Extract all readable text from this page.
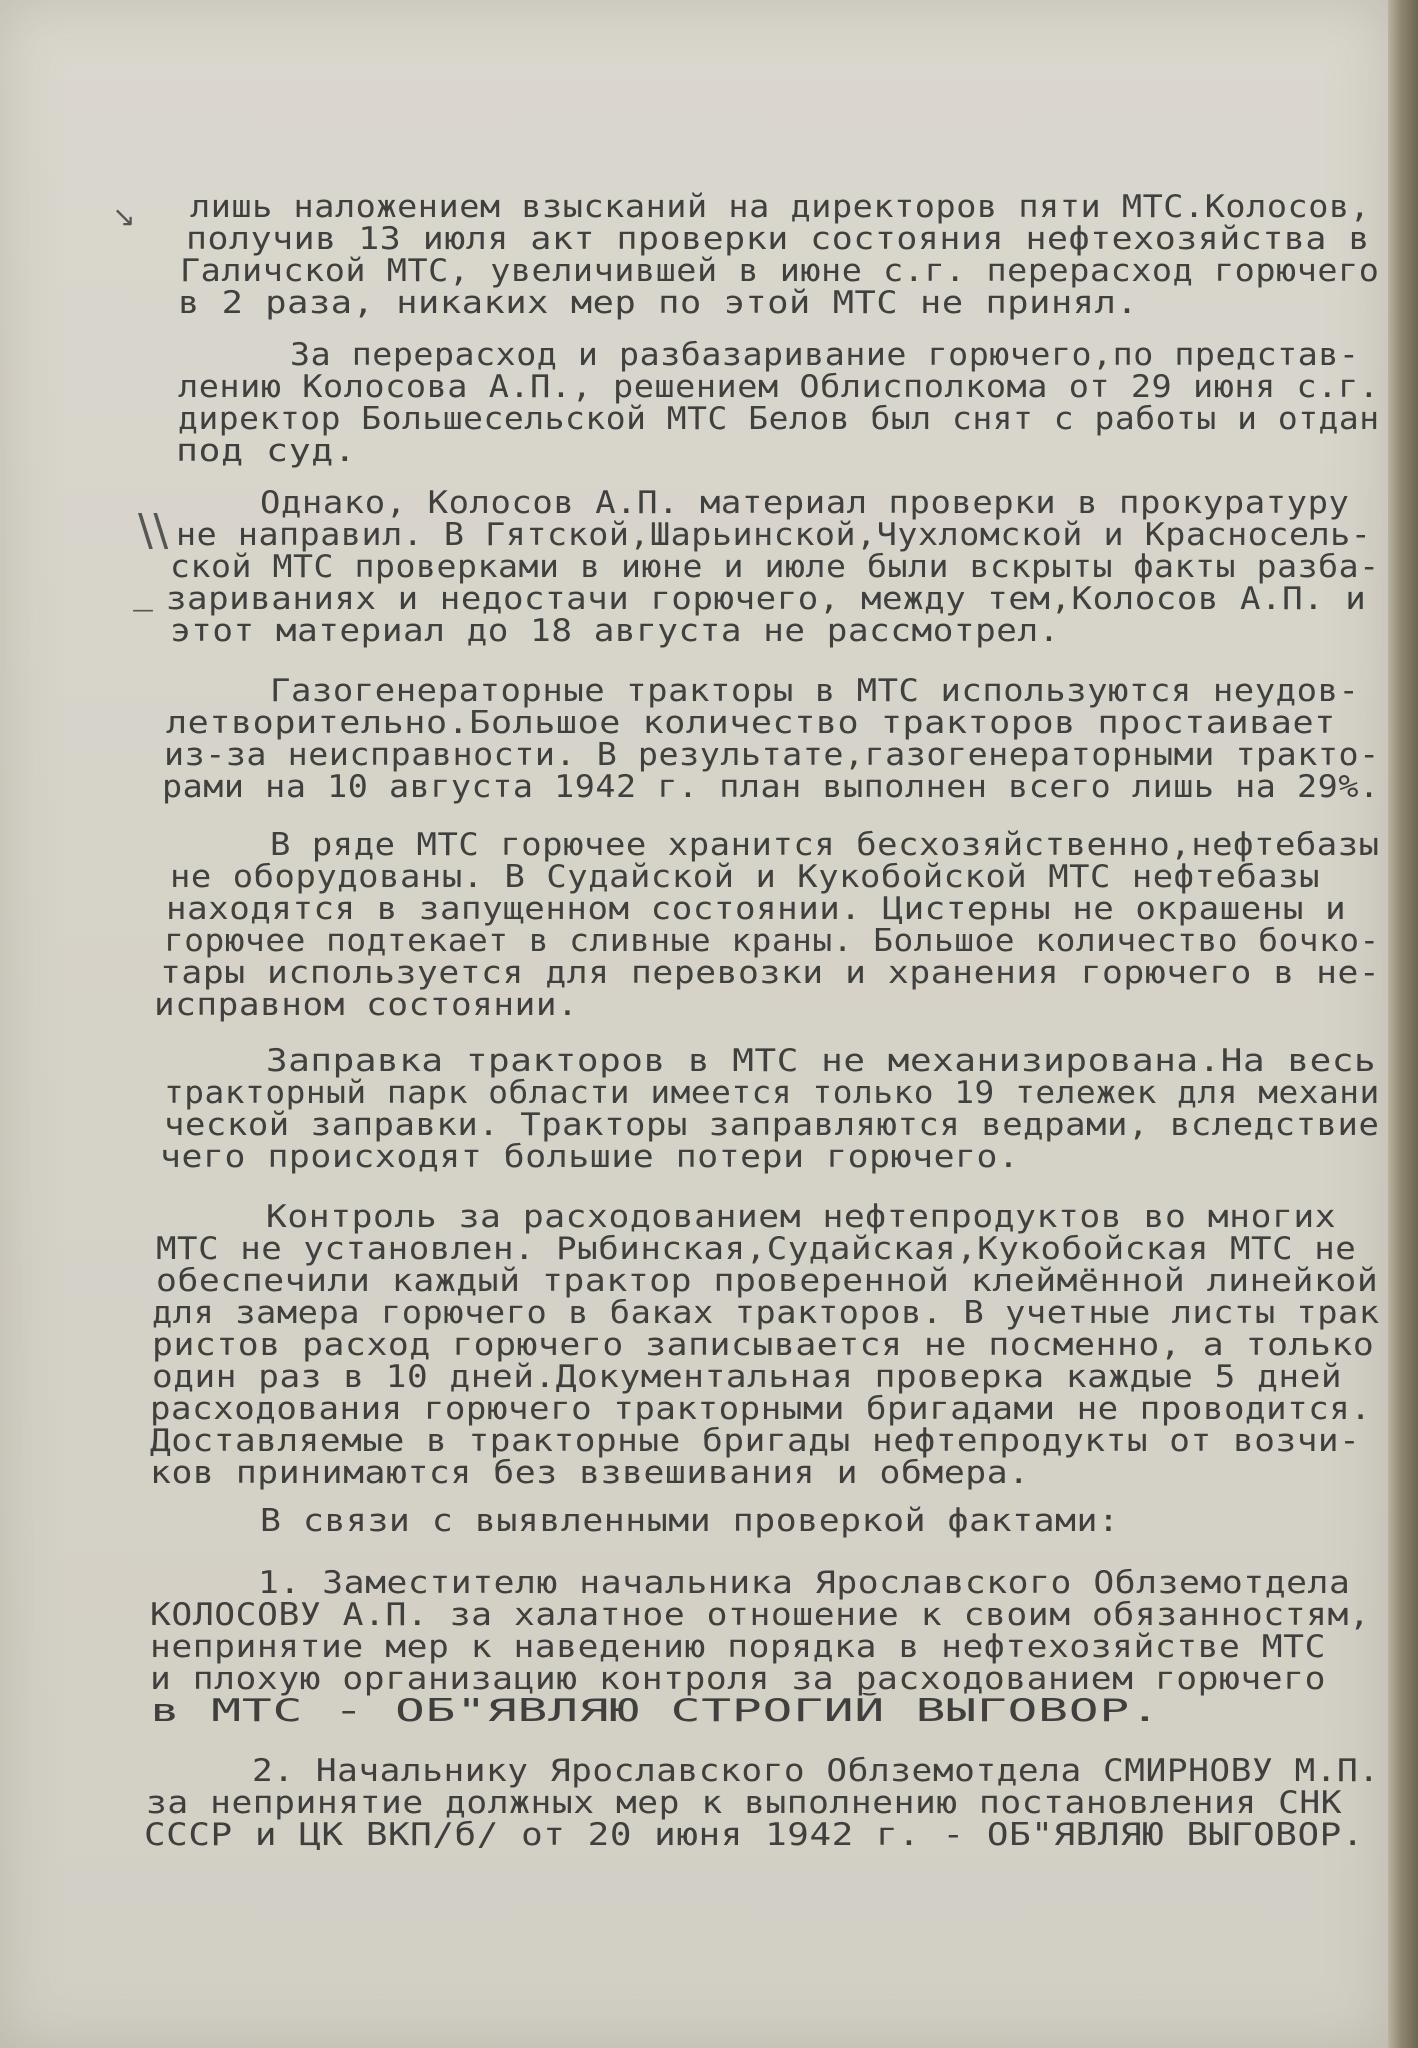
↘
\\
—
лишь наложением взысканий на директоров пяти МТС.Колосов,
получив 13 июля акт проверки состояния нефтехозяйства в
Галичской МТС, увеличившей в июне с.г. перерасход горючего
в 2 раза, никаких мер по этой МТС не принял.
За перерасход и разбазаривание горючего,по представ-
лению Колосова А.П., решением Облисполкома от 29 июня с.г.
директор Большесельской МТС Белов был снят с работы и отдан
под суд.
Однако, Колосов А.П. материал проверки в прокуратуру
не направил. В Гятской,Шарьинской,Чухломской и Красносель-
ской МТС проверками в июне и июле были вскрыты факты разба-
зариваниях и недостачи горючего, между тем,Колосов А.П. и
этот материал до 18 августа не рассмотрел.
Газогенераторные тракторы в МТС используются неудов-
летворительно.Большое количество тракторов простаивает
из-за неисправности. В результате,газогенераторными тракто-
рами на 10 августа 1942 г. план выполнен всего лишь на 29%.
В ряде МТС горючее хранится бесхозяйственно,нефтебазы
не оборудованы. В Судайской и Кукобойской МТС нефтебазы
находятся в запущенном состоянии. Цистерны не окрашены и
горючее подтекает в сливные краны. Большое количество бочко-
тары используется для перевозки и хранения горючего в не-
исправном состоянии.
Заправка тракторов в МТС не механизирована.На весь
тракторный парк области имеется только 19 тележек для механи
ческой заправки. Тракторы заправляются ведрами, вследствие
чего происходят большие потери горючего.
Контроль за расходованием нефтепродуктов во многих
МТС не установлен. Рыбинская,Судайская,Кукобойская МТС не
обеспечили каждый трактор проверенной клеймённой линейкой
для замера горючего в баках тракторов. В учетные листы трак
ристов расход горючего записывается не посменно, а только
один раз в 10 дней.Документальная проверка каждые 5 дней
расходования горючего тракторными бригадами не проводится.
Доставляемые в тракторные бригады нефтепродукты от возчи-
ков принимаются без взвешивания и обмера.
В связи с выявленными проверкой фактами:
1. Заместителю начальника Ярославского Облземотдела
КОЛОСОВУ А.П. за халатное отношение к своим обязанностям,
непринятие мер к наведению порядка в нефтехозяйстве МТС
и плохую организацию контроля за расходованием горючего
в МТС - ОБ"ЯВЛЯЮ СТРОГИЙ ВЫГОВОР.
2. Начальнику Ярославского Облземотдела СМИРНОВУ М.П.
за непринятие должных мер к выполнению постановления СНК
СССР и ЦК ВКП/б/ от 20 июня 1942 г. - ОБ"ЯВЛЯЮ ВЫГОВОР.
